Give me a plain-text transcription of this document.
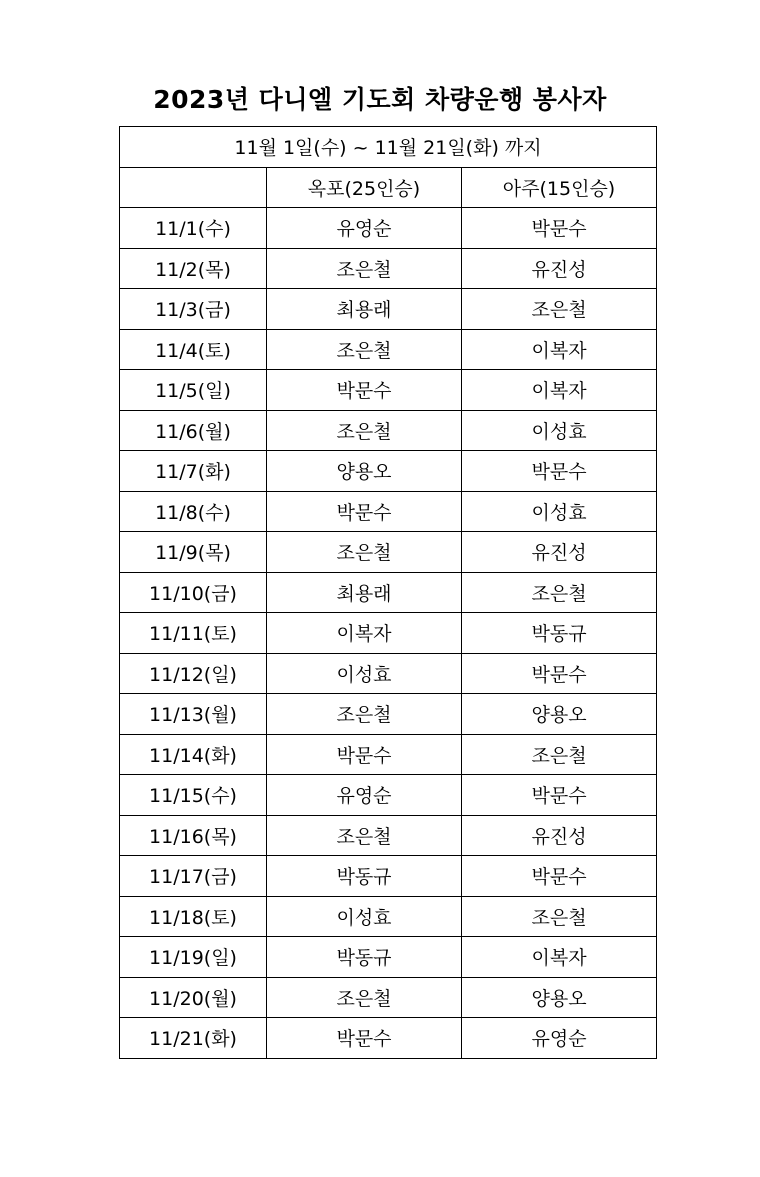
2023년 다니엘 기도회 차량운행 봉사자
11월 1일(수) ~ 11월 21일(화) 까지		
	옥포(25인승)	아주(15인승)
11/1(수)	유영순	박문수
11/2(목)	조은철	유진성
11/3(금)	최용래	조은철
11/4(토)	조은철	이복자
11/5(일)	박문수	이복자
11/6(월)	조은철	이성효
11/7(화)	양용오	박문수
11/8(수)	박문수	이성효
11/9(목)	조은철	유진성
11/10(금)	최용래	조은철
11/11(토)	이복자	박동규
11/12(일)	이성효	박문수
11/13(월)	조은철	양용오
11/14(화)	박문수	조은철
11/15(수)	유영순	박문수
11/16(목)	조은철	유진성
11/17(금)	박동규	박문수
11/18(토)	이성효	조은철
11/19(일)	박동규	이복자
11/20(월)	조은철	양용오
11/21(화)	박문수	유영순
